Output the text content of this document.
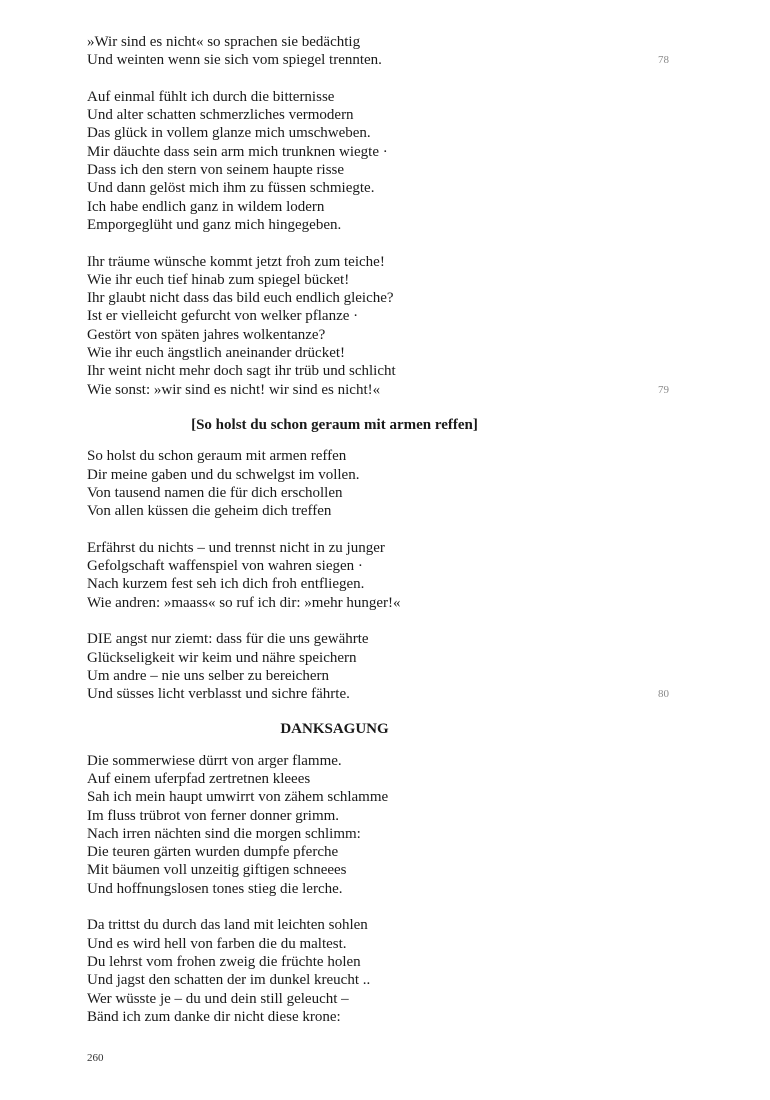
»Wir sind es nicht« so sprachen sie bedächtig
Und weinten wenn sie sich vom spiegel trennten.	78
Auf einmal fühlt ich durch die bitternisse
Und alter schatten schmerzliches vermodern
Das glück in vollem glanze mich umschweben.
Mir däuchte dass sein arm mich trunknen wiegte ·
Dass ich den stern von seinem haupte risse
Und dann gelöst mich ihm zu füssen schmiegte.
Ich habe endlich ganz in wildem lodern
Emporgeglüht und ganz mich hingegeben.
Ihr träume wünsche kommt jetzt froh zum teiche!
Wie ihr euch tief hinab zum spiegel bücket!
Ihr glaubt nicht dass das bild euch endlich gleiche?
Ist er vielleicht gefurcht von welker pflanze ·
Gestört von späten jahres wolkentanze?
Wie ihr euch ängstlich aneinander drücket!
Ihr weint nicht mehr doch sagt ihr trüb und schlicht
Wie sonst: »wir sind es nicht! wir sind es nicht!«	79
[So holst du schon geraum mit armen reffen]
So holst du schon geraum mit armen reffen
Dir meine gaben und du schwelgst im vollen.
Von tausend namen die für dich erschollen
Von allen küssen die geheim dich treffen
Erfährst du nichts – und trennst nicht in zu junger
Gefolgschaft waffenspiel von wahren siegen ·
Nach kurzem fest seh ich dich froh entfliegen.
Wie andren: »maass« so ruf ich dir: »mehr hunger!«
DIE angst nur ziemt: dass für die uns gewährte
Glückseligkeit wir keim und nähre speichern
Um andre – nie uns selber zu bereichern
Und süsses licht verblasst und sichre fährte.	80
DANKSAGUNG
Die sommerwiese dürrt von arger flamme.
Auf einem uferpfad zertretnen kleees
Sah ich mein haupt umwirrt von zähem schlamme
Im fluss trübrot von ferner donner grimm.
Nach irren nächten sind die morgen schlimm:
Die teuren gärten wurden dumpfe pferche
Mit bäumen voll unzeitig giftigen schneees
Und hoffnungslosen tones stieg die lerche.
Da trittst du durch das land mit leichten sohlen
Und es wird hell von farben die du maltest.
Du lehrst vom frohen zweig die früchte holen
Und jagst den schatten der im dunkel kreucht ..
Wer wüsste je – du und dein still geleucht –
Bänd ich zum danke dir nicht diese krone:
260
